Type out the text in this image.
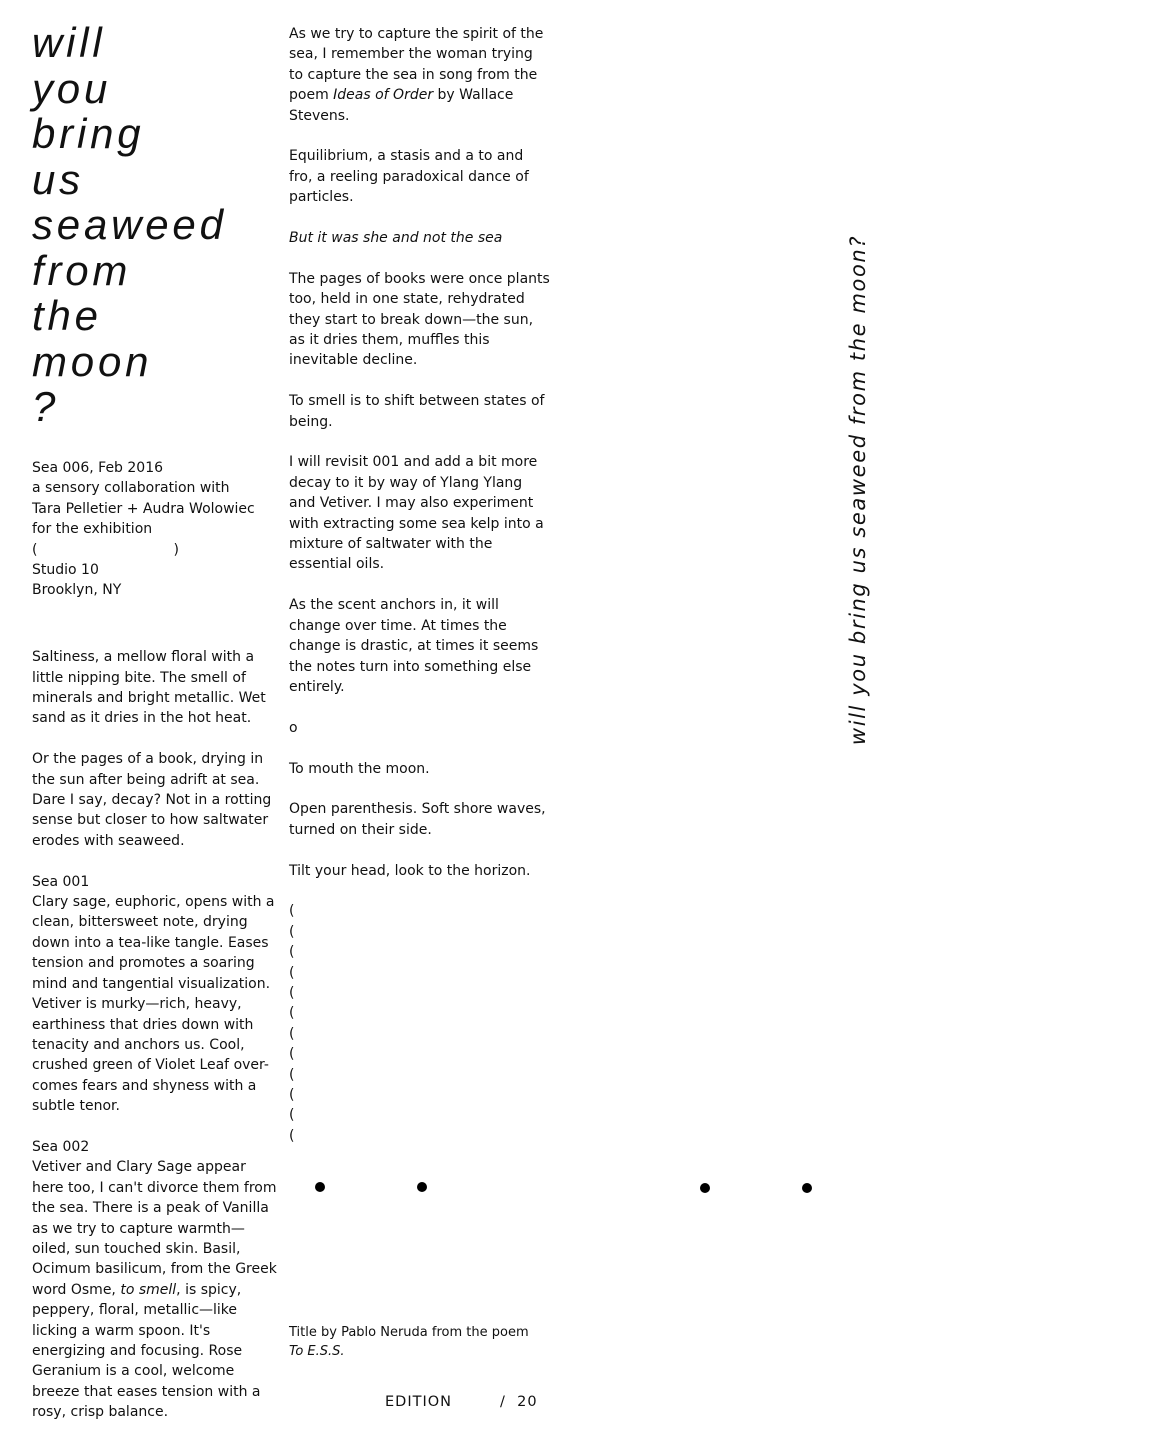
will
you
bring
us
seaweed
from
the
moon
?
Sea 006, Feb 2016
a sensory collaboration with
Tara Pelletier + Audra Wolowiec
for the exhibition
(	)
Studio 10
Brooklyn, NY

Saltiness, a mellow floral with a little nipping bite. The smell of minerals and bright metallic. Wet sand as it dries in the hot heat.

Or the pages of a book, drying in the sun after being adrift at sea. Dare I say, decay? Not in a rotting sense but closer to how saltwater erodes with seaweed.

Sea 001

Clary sage, euphoric, opens with a clean, bittersweet note, drying down into a tea-like tangle. Eases tension and promotes a soaring mind and tangential visualization. Vetiver is murky—rich, heavy, earthiness that dries down with tenacity and anchors us. Cool, crushed green of Violet Leaf over-comes fears and shyness with a subtle tenor.

Sea 002

Vetiver and Clary Sage appear here too, I can't divorce them from the sea. There is a peak of Vanilla as we try to capture warmth—oiled, sun touched skin. Basil, Ocimum basilicum, from the Greek word Osme, to smell, is spicy, peppery, floral, metallic—like licking a warm spoon. It's energizing and focusing. Rose Geranium is a cool, welcome breeze that eases tension with a rosy, crisp balance.

As we try to capture the spirit of the sea, I remember the woman trying to capture the sea in song from the poem Ideas of Order by Wallace Stevens.

Equilibrium, a stasis and a to and fro, a reeling paradoxical dance of particles.

But it was she and not the sea

The pages of books were once plants too, held in one state, rehydrated they start to break down—the sun, as it dries them, muffles this inevitable decline.

To smell is to shift between states of being.

I will revisit 001 and add a bit more decay to it by way of Ylang Ylang and Vetiver. I may also experiment with extracting some sea kelp into a mixture of saltwater with the essential oils.

As the scent anchors in, it will change over time. At times the change is drastic, at times it seems the notes turn into something else entirely.

o

To mouth the moon.

Open parenthesis. Soft shore waves, turned on their side.

Tilt your head, look to the horizon.

(
(
(
(
(
(
(
(
(
(
(
(
Title by Pablo Neruda from the poem
To E.S.S.
EDITION	/ 20
will you bring us seaweed from the moon?
